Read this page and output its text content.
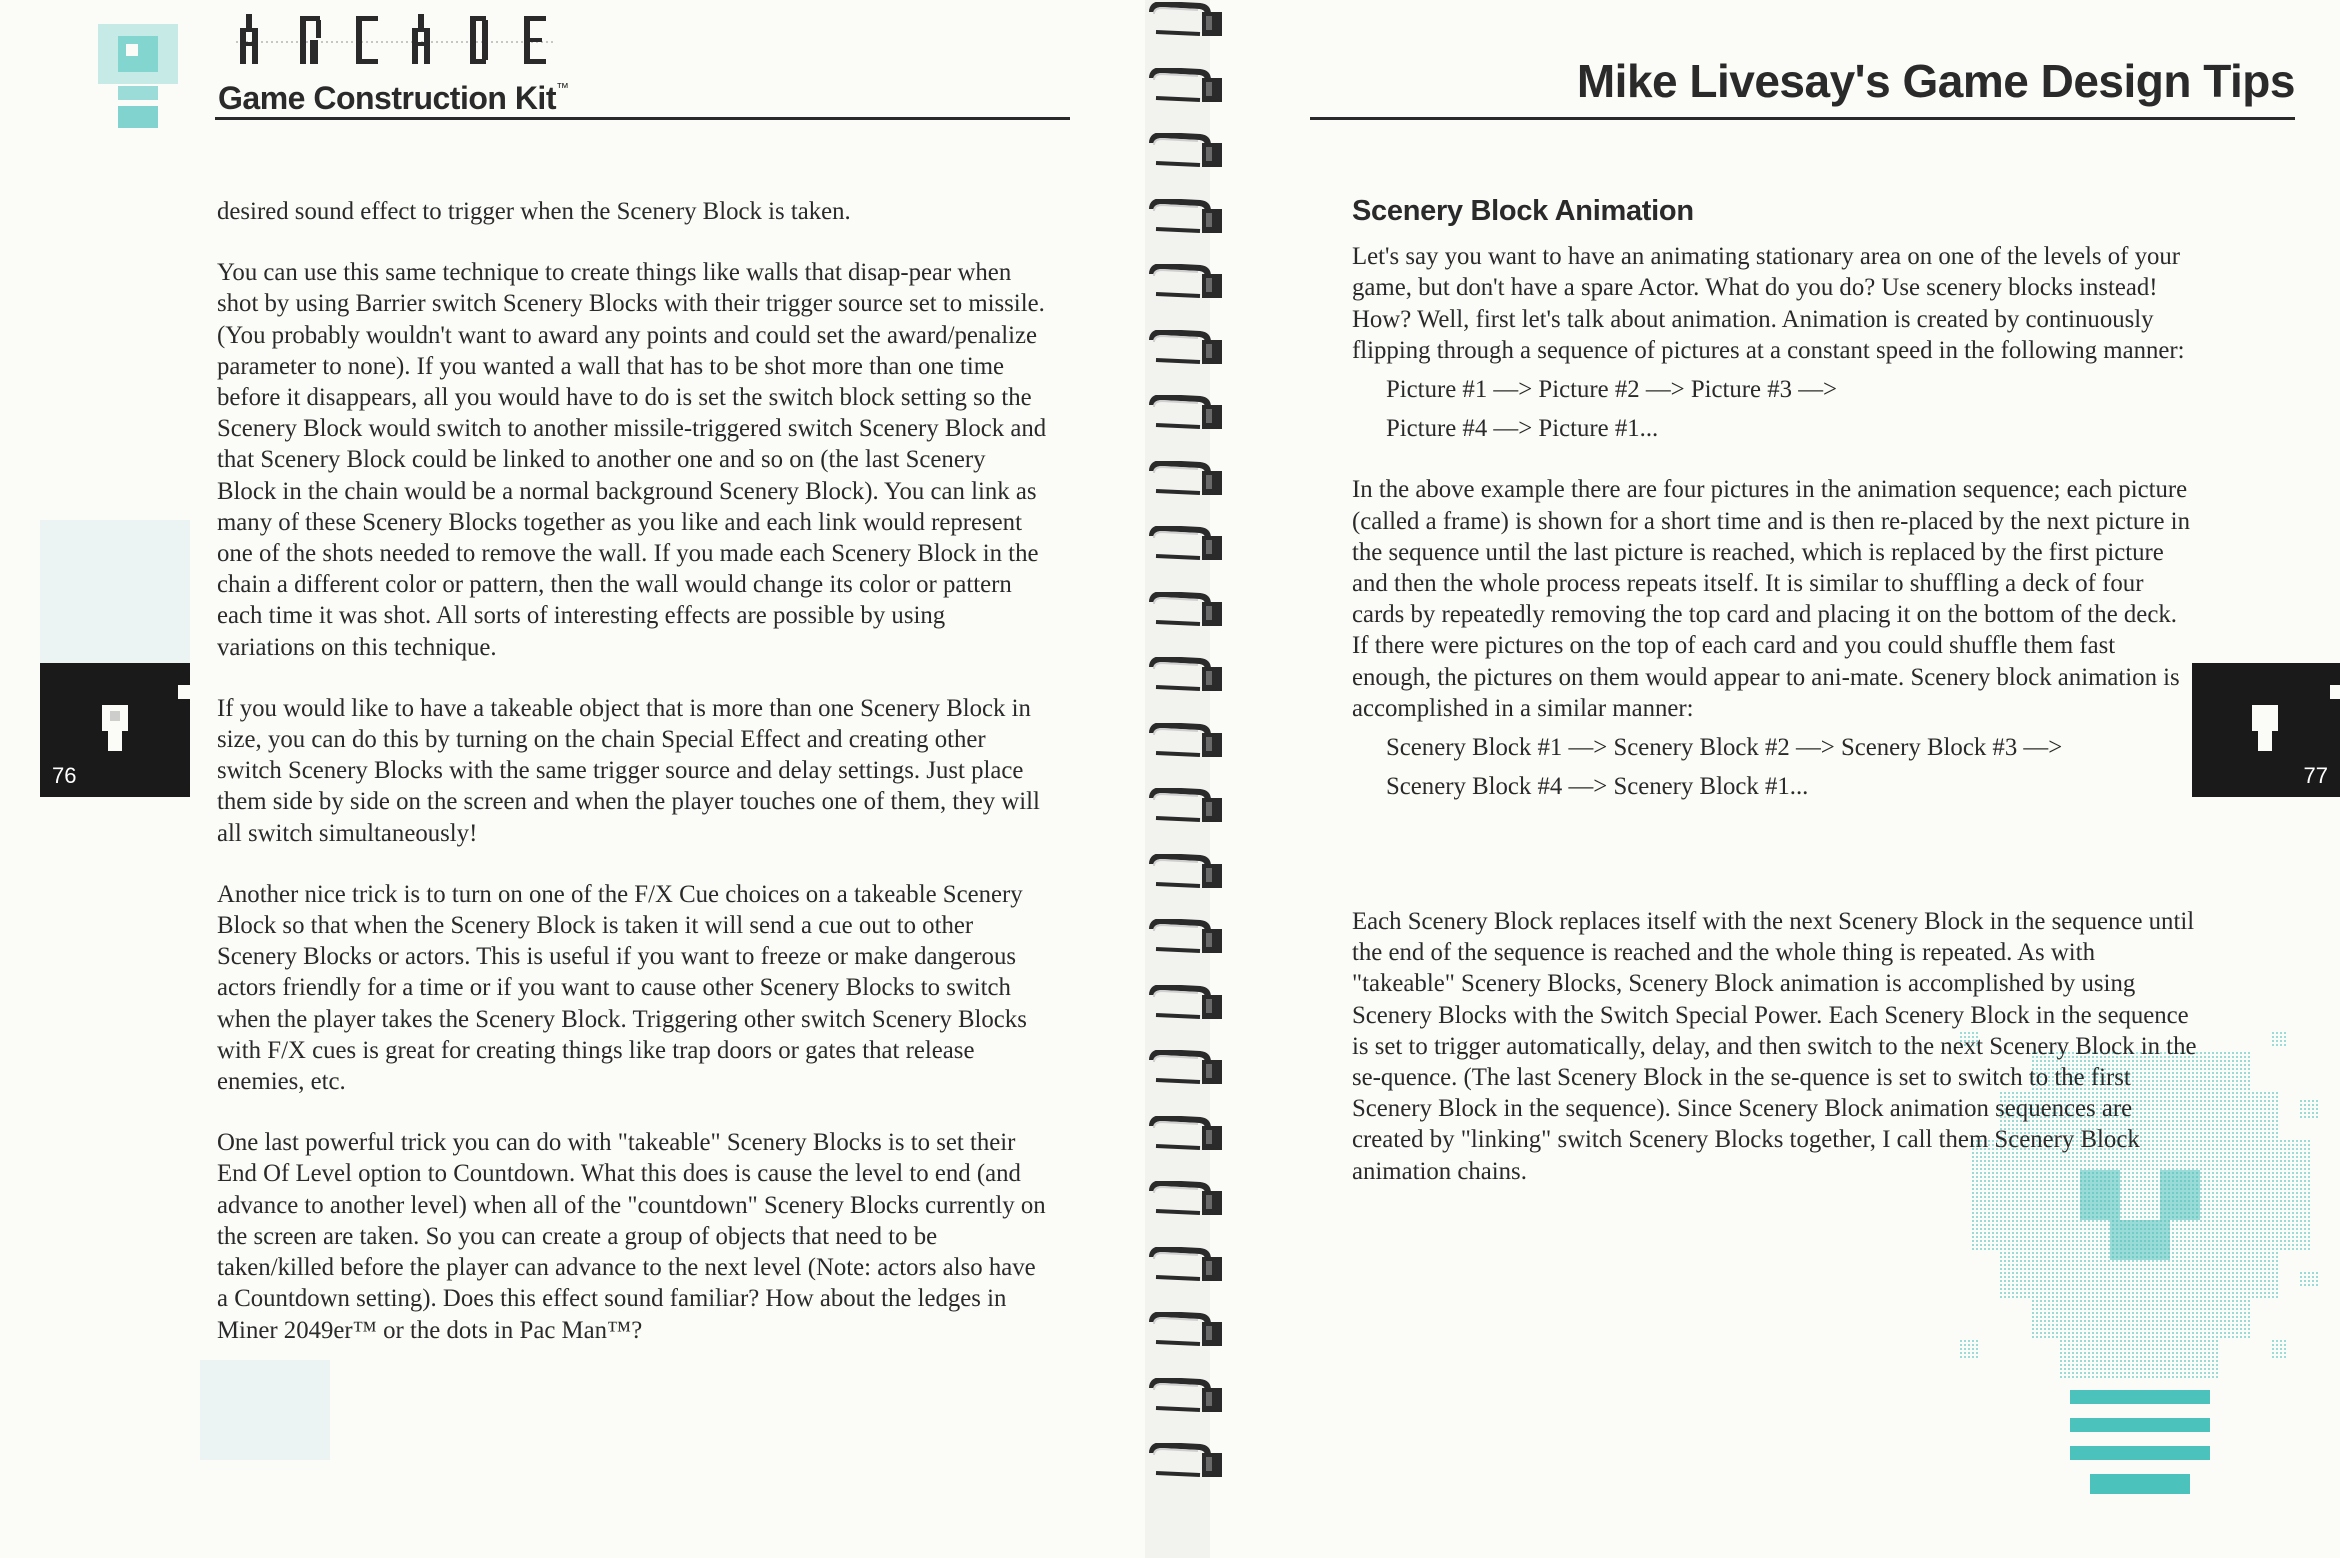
Game Construction Kit™
76

desired sound effect to trigger when the Scenery Block is taken.

You can use this same technique to create things like walls that disap-pear when shot by using Barrier switch Scenery Blocks with their trigger source set to missile. (You probably wouldn't want to award any points and could set the award/penalize parameter to none). If you wanted a wall that has to be shot more than one time before it disappears, all you would have to do is set the switch block setting so the Scenery Block would switch to another missile-triggered switch Scenery Block and that Scenery Block could be linked to another one and so on (the last Scenery Block in the chain would be a normal background Scenery Block). You can link as many of these Scenery Blocks together as you like and each link would represent one of the shots needed to remove the wall. If you made each Scenery Block in the chain a different color or pattern, then the wall would change its color or pattern each time it was shot. All sorts of interesting effects are possible by using variations on this technique.

If you would like to have a takeable object that is more than one Scenery Block in size, you can do this by turning on the chain Special Effect and creating other switch Scenery Blocks with the same trigger source and delay settings. Just place them side by side on the screen and when the player touches one of them, they will all switch simultaneously!

Another nice trick is to turn on one of the F/X Cue choices on a takeable Scenery Block so that when the Scenery Block is taken it will send a cue out to other Scenery Blocks or actors. This is useful if you want to freeze or make dangerous actors friendly for a time or if you want to cause other Scenery Blocks to switch when the player takes the Scenery Block. Triggering other switch Scenery Blocks with F/X cues is great for creating things like trap doors or gates that release enemies, etc.

One last powerful trick you can do with "takeable" Scenery Blocks is to set their End Of Level option to Countdown. What this does is cause the level to end (and advance to another level) when all of the "countdown" Scenery Blocks currently on the screen are taken. So you can create a group of objects that need to be taken/killed before the player can advance to the next level (Note: actors also have a Countdown setting). Does this effect sound familiar? How about the ledges in Miner 2049er™ or the dots in Pac Man™?

Mike Livesay's Game Design Tips
77
Scenery Block Animation

Let's say you want to have an animating stationary area on one of the levels of your game, but don't have a spare Actor. What do you do? Use scenery blocks instead! How? Well, first let's talk about animation. Animation is created by continuously flipping through a sequence of pictures at a constant speed in the following manner:

Picture #1 —> Picture #2 —> Picture #3 —>

Picture #4 —> Picture #1...

In the above example there are four pictures in the animation sequence; each picture (called a frame) is shown for a short time and is then re-placed by the next picture in the sequence until the last picture is reached, which is replaced by the first picture and then the whole process repeats itself. It is similar to shuffling a deck of four cards by repeatedly removing the top card and placing it on the bottom of the deck. If there were pictures on the top of each card and you could shuffle them fast enough, the pictures on them would appear to ani-mate. Scenery block animation is accomplished in a similar manner:

Scenery Block #1 —> Scenery Block #2 —> Scenery Block #3 —>

Scenery Block #4 —> Scenery Block #1...

Each Scenery Block replaces itself with the next Scenery Block in the sequence until the end of the sequence is reached and the whole thing is repeated. As with "takeable" Scenery Blocks, Scenery Block animation is accomplished by using Scenery Blocks with the Switch Special Power. Each Scenery Block in the sequence is set to trigger automatically, delay, and then switch to the next Scenery Block in the se-quence. (The last Scenery Block in the se-quence is set to switch to the first Scenery Block in the sequence). Since Scenery Block animation sequences are created by "linking" switch Scenery Blocks together, I call them Scenery Block animation chains.
